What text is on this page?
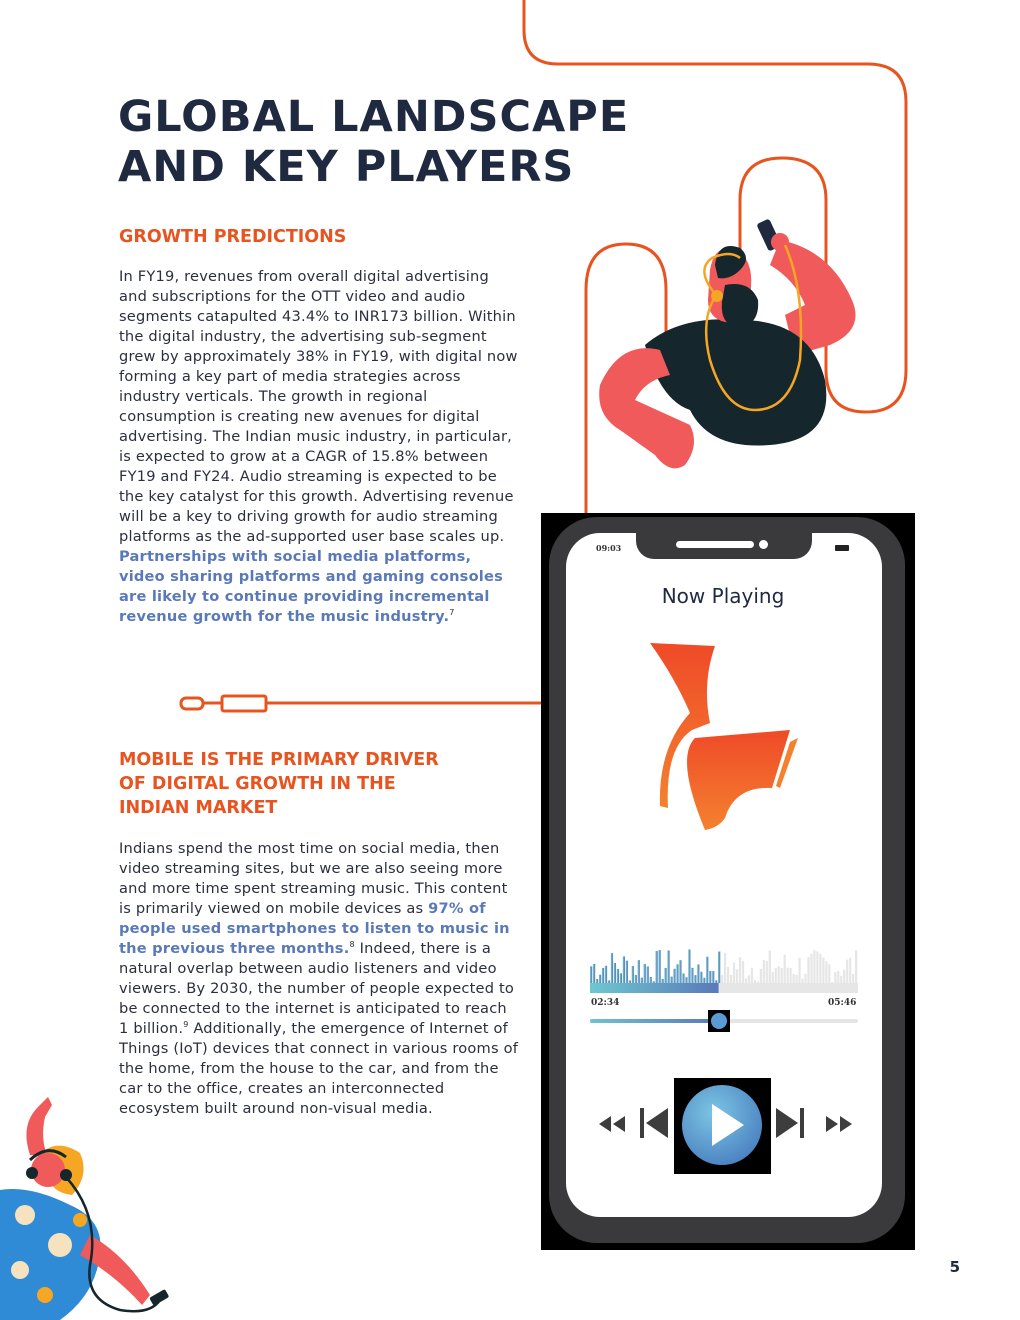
GLOBAL LANDSCAPE
AND KEY PLAYERS
GROWTH PREDICTIONS

In FY19, revenues from overall digital advertising and subscriptions for the OTT video and audio segments catapulted 43.4% to INR173 billion. Within the digital industry, the advertising sub-segment grew by approximately 38% in FY19, with digital now forming a key part of media strategies across industry verticals. The growth in regional consumption is creating new avenues for digital advertising. The Indian music industry, in particular, is expected to grow at a CAGR of 15.8% between FY19 and FY24. Audio streaming is expected to be the key catalyst for this growth. Advertising revenue will be a key to driving growth for audio streaming platforms as the ad-supported user base scales up. Partnerships with social media platforms, video sharing platforms and gaming consoles are likely to continue providing incremental revenue growth for the music industry.$^7$

MOBILE IS THE PRIMARY DRIVER
OF DIGITAL GROWTH IN THE
INDIAN MARKET

Indians spend the most time on social media, then video streaming sites, but we are also seeing more and more time spent streaming music. This content is primarily viewed on mobile devices as 97% of people used smartphones to listen to music in the previous three months.$^8$ Indeed, there is a natural overlap between audio listeners and video viewers. By 2030, the number of people expected to be connected to the internet is anticipated to reach 1 billion.$^9$ Additionally, the emergence of Internet of Things (IoT) devices that connect in various rooms of the home, from the house to the car, and from the car to the office, creates an interconnected ecosystem built around non-visual media.

09:03
Now Playing
02:34	05:46
5
